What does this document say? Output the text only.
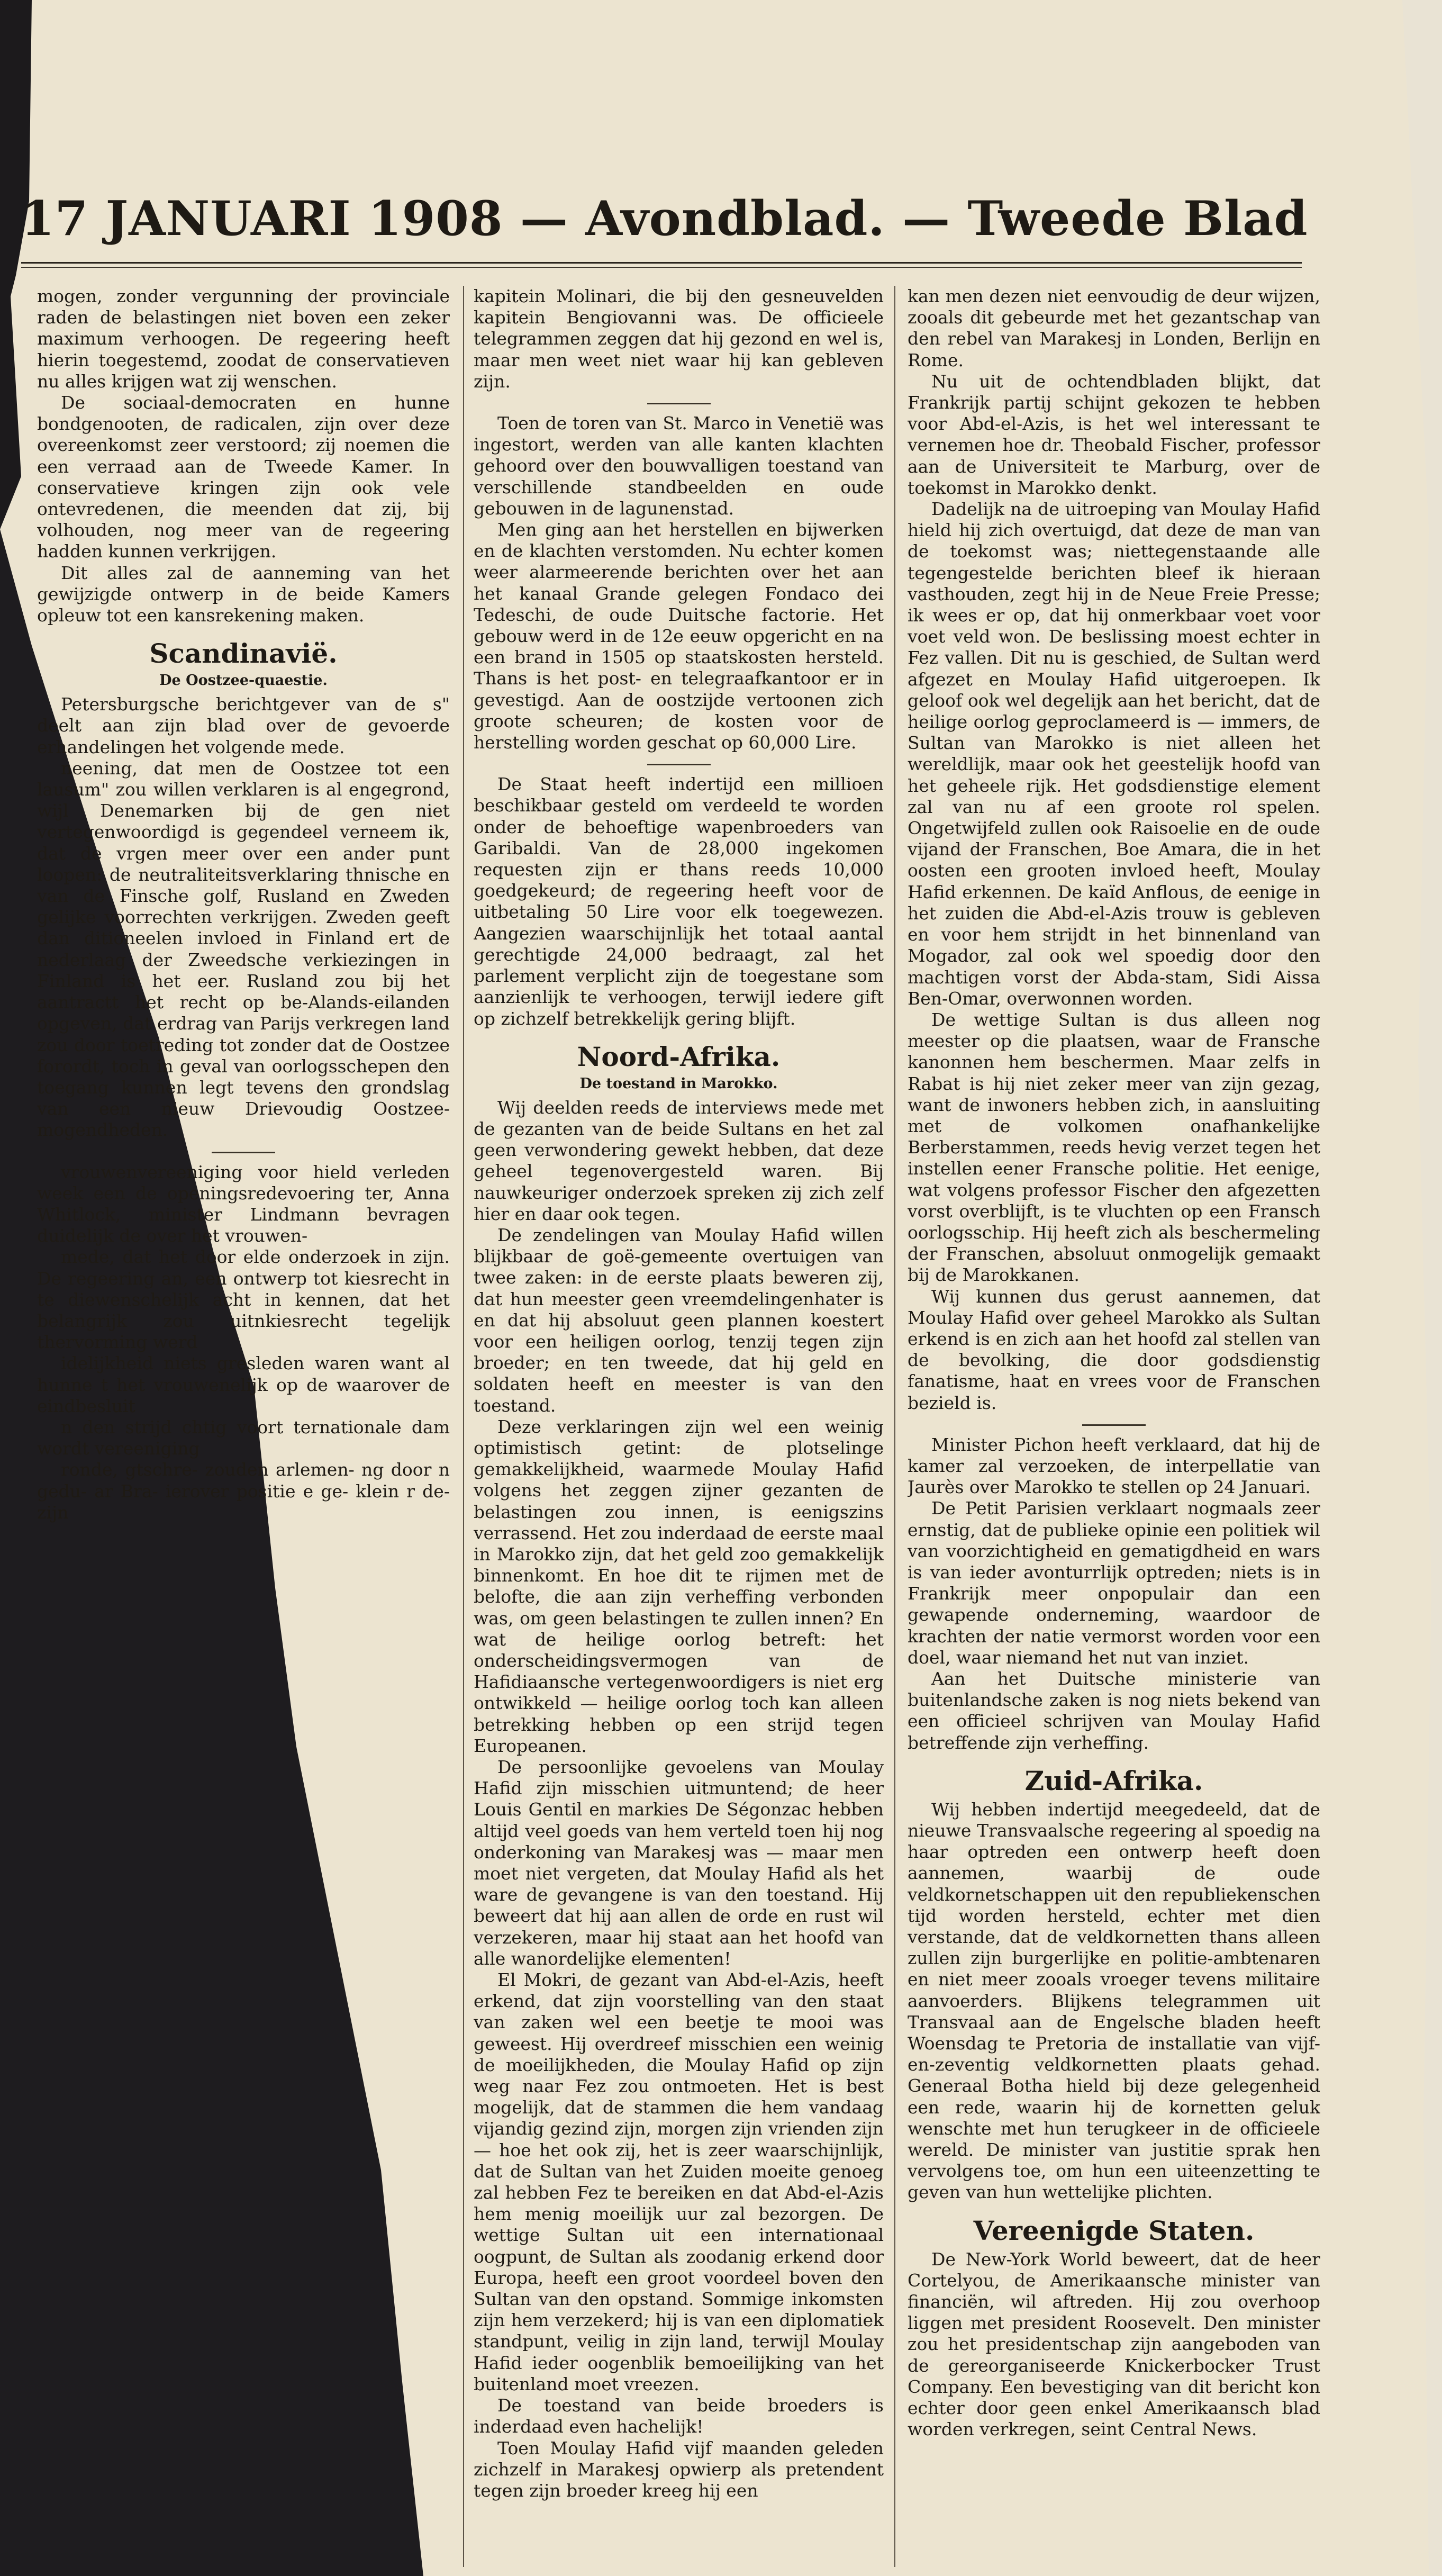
17 JANUARI 1908 — Avondblad. — Tweede Blad

mogen, zonder vergunning der provinciale raden de belastingen niet boven een zeker maximum verhoogen. De regeering heeft hierin toegestemd, zoodat de conservatieven nu alles krijgen wat zij wenschen.

De sociaal-democraten en hunne bondgenooten, de radicalen, zijn over deze overeenkomst zeer verstoord; zij noemen die een verraad aan de Tweede Kamer. In conservatieve kringen zijn ook vele ontevredenen, die meenden dat zij, bij volhouden, nog meer van de regeering hadden kunnen verkrijgen.

Dit alles zal de aanneming van het gewijzigde ontwerp in de beide Kamers opleuw tot een kansrekening maken.

Scandinavië.
De Oostzee-quaestie.

Petersburgsche berichtgever van de s" deelt aan zijn blad over de gevoerde erhandelingen het volgende mede.

neening, dat men de Oostzee tot een lausum" zou willen verklaren is al engegrond, wijl Denemarken bij de gen niet vertegenwoordigd is gegendeel verneem ik, dat de vrgen meer over een ander punt loopen: de neutraliteitsverklaring thnische en van de Finsche golf, Rusland en Zweden gelijke voorrechten verkrijgen. Zweden geeft dan ditioneelen invloed in Finland ert de nederlaag der Zweedsche verkiezingen in Finland is het eer. Rusland zou bij het aantractt het recht op be-Alands-eilanden opgeven, dat erdrag van Parijs verkregen land zou door toetreding tot zonder dat de Oostzee forordt, toch in geval van oorlogsschepen den toegang kunnen legt tevens den grondslag van een nieuw Drievoudig Oostzee-mogendheden.

vrouwenvereeniging voor hield verleden week een de openingsredevoering ter, Anna Whitlock, minister Lindmann bevragen duidelijk de over het vrouwen-

mede, dat het door elde onderzoek in zijn. De regeering an, een ontwerp tot kiesrecht in te diewenschelijk acht in kennen, dat het belangrijk zou uitnkiesrecht tegelijk thervorming werd

idelijkheid niets gresleden waren want al hunne t het vrouwenelijk op de waarover de eindbesluit

n den strijd chtig voort ternationale dam wordt vereeniging

ronde, gtschre- zouden arlemen- ng door n gedu- ar Bra- ierover positie e ge- klein r de- zijn

kapitein Molinari, die bij den gesneuvelden kapitein Bengiovanni was. De officieele telegrammen zeggen dat hij gezond en wel is, maar men weet niet waar hij kan gebleven zijn.

Toen de toren van St. Marco in Venetië was ingestort, werden van alle kanten klachten gehoord over den bouwvalligen toestand van verschillende standbeelden en oude gebouwen in de lagunenstad.

Men ging aan het herstellen en bijwerken en de klachten verstomden. Nu echter komen weer alarmeerende berichten over het aan het kanaal Grande gelegen Fondaco dei Tedeschi, de oude Duitsche factorie. Het gebouw werd in de 12e eeuw opgericht en na een brand in 1505 op staatskosten hersteld. Thans is het post- en telegraafkantoor er in gevestigd. Aan de oostzijde vertoonen zich groote scheuren; de kosten voor de herstelling worden geschat op 60,000 Lire.

De Staat heeft indertijd een millioen beschikbaar gesteld om verdeeld te worden onder de behoeftige wapenbroeders van Garibaldi. Van de 28,000 ingekomen requesten zijn er thans reeds 10,000 goedgekeurd; de regeering heeft voor de uitbetaling 50 Lire voor elk toegewezen. Aangezien waarschijnlijk het totaal aantal gerechtigde 24,000 bedraagt, zal het parlement verplicht zijn de toegestane som aanzienlijk te verhoogen, terwijl iedere gift op zichzelf betrekkelijk gering blijft.

Noord-Afrika.
De toestand in Marokko.

Wij deelden reeds de interviews mede met de gezanten van de beide Sultans en het zal geen verwondering gewekt hebben, dat deze geheel tegenovergesteld waren. Bij nauwkeuriger onderzoek spreken zij zich zelf hier en daar ook tegen.

De zendelingen van Moulay Hafid willen blijkbaar de goë-gemeente overtuigen van twee zaken: in de eerste plaats beweren zij, dat hun meester geen vreemdelingenhater is en dat hij absoluut geen plannen koestert voor een heiligen oorlog, tenzij tegen zijn broeder; en ten tweede, dat hij geld en soldaten heeft en meester is van den toestand.

Deze verklaringen zijn wel een weinig optimistisch getint: de plotselinge gemakkelijkheid, waarmede Moulay Hafid volgens het zeggen zijner gezanten de belastingen zou innen, is eenigszins verrassend. Het zou inderdaad de eerste maal in Marokko zijn, dat het geld zoo gemakkelijk binnenkomt. En hoe dit te rijmen met de belofte, die aan zijn verheffing verbonden was, om geen belastingen te zullen innen? En wat de heilige oorlog betreft: het onderscheidingsvermogen van de Hafidiaansche vertegenwoordigers is niet erg ontwikkeld — heilige oorlog toch kan alleen betrekking hebben op een strijd tegen Europeanen.

De persoonlijke gevoelens van Moulay Hafid zijn misschien uitmuntend; de heer Louis Gentil en markies De Ségonzac hebben altijd veel goeds van hem verteld toen hij nog onderkoning van Marakesj was — maar men moet niet vergeten, dat Moulay Hafid als het ware de gevangene is van den toestand. Hij beweert dat hij aan allen de orde en rust wil verzekeren, maar hij staat aan het hoofd van alle wanordelijke elementen!

El Mokri, de gezant van Abd-el-Azis, heeft erkend, dat zijn voorstelling van den staat van zaken wel een beetje te mooi was geweest. Hij overdreef misschien een weinig de moeilijkheden, die Moulay Hafid op zijn weg naar Fez zou ontmoeten. Het is best mogelijk, dat de stammen die hem vandaag vijandig gezind zijn, morgen zijn vrienden zijn — hoe het ook zij, het is zeer waarschijnlijk, dat de Sultan van het Zuiden moeite genoeg zal hebben Fez te bereiken en dat Abd-el-Azis hem menig moeilijk uur zal bezorgen. De wettige Sultan uit een internationaal oogpunt, de Sultan als zoodanig erkend door Europa, heeft een groot voordeel boven den Sultan van den opstand. Sommige inkomsten zijn hem verzekerd; hij is van een diplomatiek standpunt, veilig in zijn land, terwijl Moulay Hafid ieder oogenblik bemoeilijking van het buitenland moet vreezen.

De toestand van beide broeders is inderdaad even hachelijk!

Toen Moulay Hafid vijf maanden geleden zichzelf in Marakesj opwierp als pretendent tegen zijn broeder kreeg hij een

kan men dezen niet eenvoudig de deur wijzen, zooals dit gebeurde met het gezantschap van den rebel van Marakesj in Londen, Berlijn en Rome.

Nu uit de ochtendbladen blijkt, dat Frankrijk partij schijnt gekozen te hebben voor Abd-el-Azis, is het wel interessant te vernemen hoe dr. Theobald Fischer, professor aan de Universiteit te Marburg, over de toekomst in Marokko denkt.

Dadelijk na de uitroeping van Moulay Hafid hield hij zich overtuigd, dat deze de man van de toekomst was; niettegenstaande alle tegengestelde berichten bleef ik hieraan vasthouden, zegt hij in de Neue Freie Presse; ik wees er op, dat hij onmerkbaar voet voor voet veld won. De beslissing moest echter in Fez vallen. Dit nu is geschied, de Sultan werd afgezet en Moulay Hafid uitgeroepen. Ik geloof ook wel degelijk aan het bericht, dat de heilige oorlog geproclameerd is — immers, de Sultan van Marokko is niet alleen het wereldlijk, maar ook het geestelijk hoofd van het geheele rijk. Het godsdienstige element zal van nu af een groote rol spelen. Ongetwijfeld zullen ook Raisoelie en de oude vijand der Franschen, Boe Amara, die in het oosten een grooten invloed heeft, Moulay Hafid erkennen. De kaïd Anflous, de eenige in het zuiden die Abd-el-Azis trouw is gebleven en voor hem strijdt in het binnenland van Mogador, zal ook wel spoedig door den machtigen vorst der Abda-stam, Sidi Aissa Ben-Omar, overwonnen worden.

De wettige Sultan is dus alleen nog meester op die plaatsen, waar de Fransche kanonnen hem beschermen. Maar zelfs in Rabat is hij niet zeker meer van zijn gezag, want de inwoners hebben zich, in aansluiting met de volkomen onafhankelijke Berberstammen, reeds hevig verzet tegen het instellen eener Fransche politie. Het eenige, wat volgens professor Fischer den afgezetten vorst overblijft, is te vluchten op een Fransch oorlogsschip. Hij heeft zich als beschermeling der Franschen, absoluut onmogelijk gemaakt bij de Marokkanen.

Wij kunnen dus gerust aannemen, dat Moulay Hafid over geheel Marokko als Sultan erkend is en zich aan het hoofd zal stellen van de bevolking, die door godsdienstig fanatisme, haat en vrees voor de Franschen bezield is.

Minister Pichon heeft verklaard, dat hij de kamer zal verzoeken, de interpellatie van Jaurès over Marokko te stellen op 24 Januari.

De Petit Parisien verklaart nogmaals zeer ernstig, dat de publieke opinie een politiek wil van voorzichtigheid en gematigdheid en wars is van ieder avonturrlijk optreden; niets is in Frankrijk meer onpopulair dan een gewapende onderneming, waardoor de krachten der natie vermorst worden voor een doel, waar niemand het nut van inziet.

Aan het Duitsche ministerie van buitenlandsche zaken is nog niets bekend van een officieel schrijven van Moulay Hafid betreffende zijn verheffing.

Zuid-Afrika.

Wij hebben indertijd meegedeeld, dat de nieuwe Transvaalsche regeering al spoedig na haar optreden een ontwerp heeft doen aannemen, waarbij de oude veldkornetschappen uit den republiekenschen tijd worden hersteld, echter met dien verstande, dat de veldkornetten thans alleen zullen zijn burgerlijke en politie-ambtenaren en niet meer zooals vroeger tevens militaire aanvoerders. Blijkens telegrammen uit Transvaal aan de Engelsche bladen heeft Woensdag te Pretoria de installatie van vijf-en-zeventig veldkornetten plaats gehad. Generaal Botha hield bij deze gelegenheid een rede, waarin hij de kornetten geluk wenschte met hun terugkeer in de officieele wereld. De minister van justitie sprak hen vervolgens toe, om hun een uiteenzetting te geven van hun wettelijke plichten.

Vereenigde Staten.

De New-York World beweert, dat de heer Cortelyou, de Amerikaansche minister van financiën, wil aftreden. Hij zou overhoop liggen met president Roosevelt. Den minister zou het presidentschap zijn aangeboden van de gereorganiseerde Knickerbocker Trust Company. Een bevestiging van dit bericht kon echter door geen enkel Amerikaansch blad worden verkregen, seint Central News.
